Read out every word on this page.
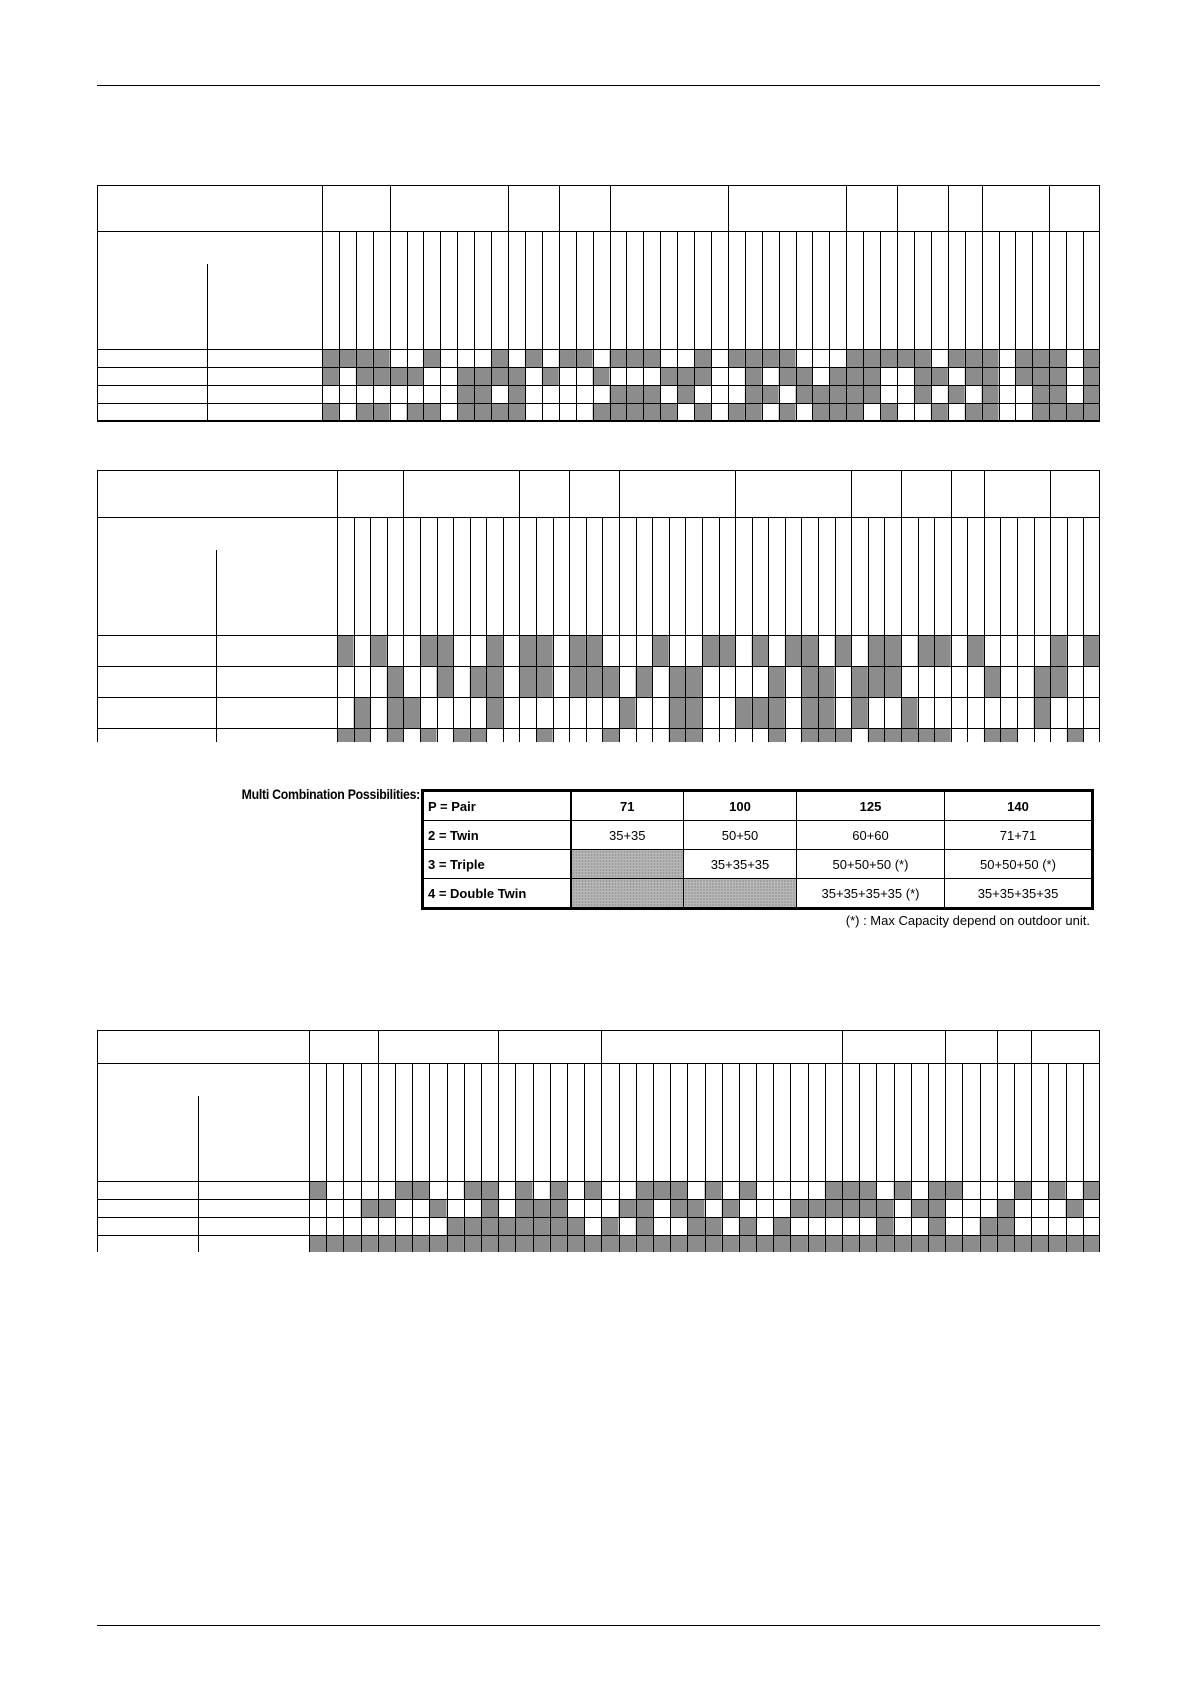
Multi Combination Possibilities:
P = Pair	71	100	125	140
2 = Twin	35+35	50+50	60+60	71+71
3 = Triple		35+35+35	50+50+50 (*)	50+50+50 (*)
4 = Double Twin			35+35+35+35 (*)	35+35+35+35
(*) : Max Capacity depend on outdoor unit.
